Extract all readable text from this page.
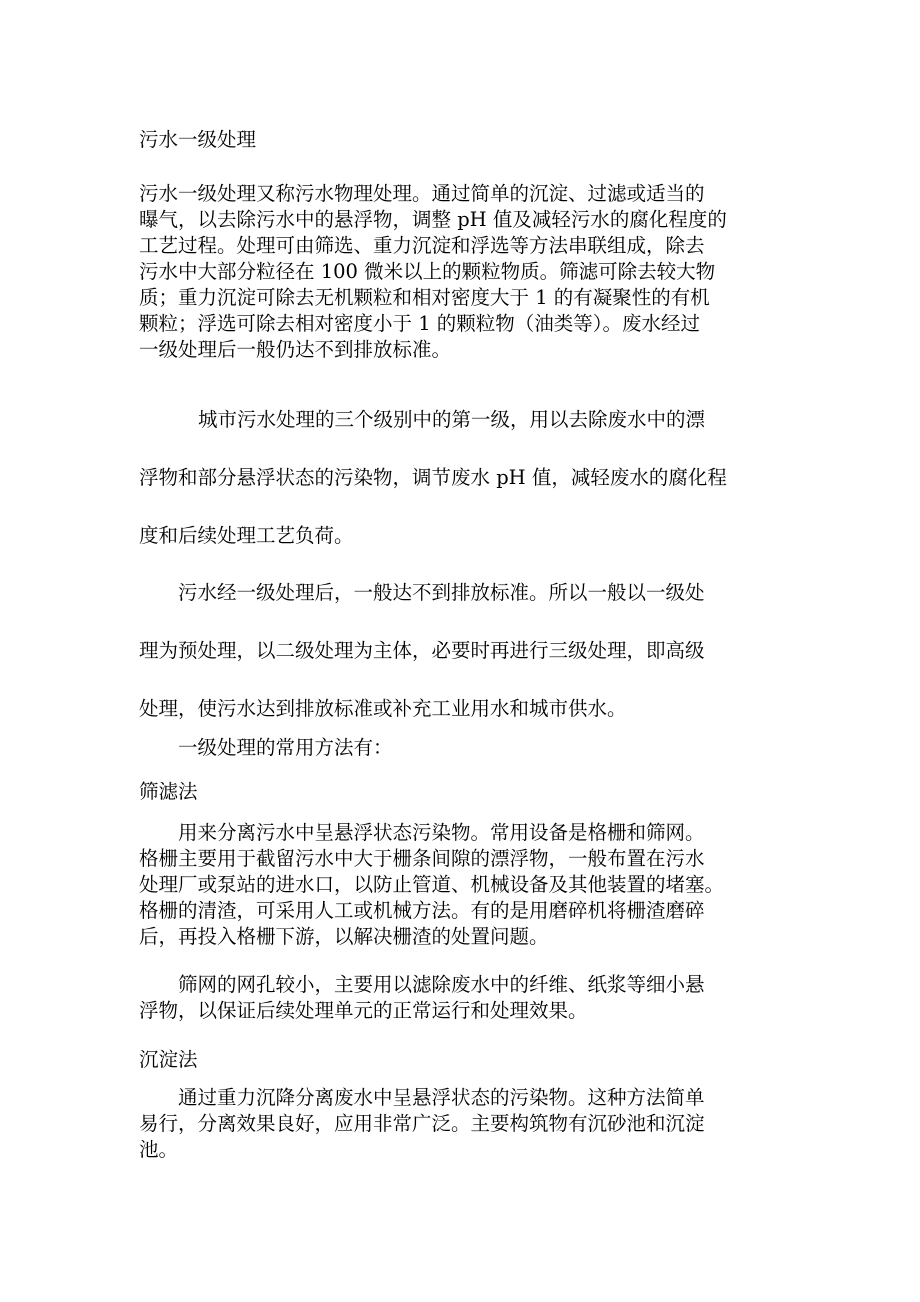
污水一级处理

污水一级处理又称污水物理处理。通过简单的沉淀、过滤或适当的
曝气，以去除污水中的悬浮物，调整 pH 值及减轻污水的腐化程度的
工艺过程。处理可由筛选、重力沉淀和浮选等方法串联组成，除去
污水中大部分粒径在 100 微米以上的颗粒物质。筛滤可除去较大物
质；重力沉淀可除去无机颗粒和相对密度大于 1 的有凝聚性的有机
颗粒；浮选可除去相对密度小于 1 的颗粒物（油类等）。废水经过
一级处理后一般仍达不到排放标准。
城市污水处理的三个级别中的第一级，用以去除废水中的漂
浮物和部分悬浮状态的污染物，调节废水 pH 值，减轻废水的腐化程
度和后续处理工艺负荷。
污水经一级处理后，一般达不到排放标准。所以一般以一级处
理为预处理，以二级处理为主体，必要时再进行三级处理，即高级
处理，使污水达到排放标准或补充工业用水和城市供水。

一级处理的常用方法有：

筛滤法

用来分离污水中呈悬浮状态污染物。常用设备是格栅和筛网。
格栅主要用于截留污水中大于栅条间隙的漂浮物，一般布置在污水
处理厂或泵站的进水口，以防止管道、机械设备及其他装置的堵塞。
格栅的清渣，可采用人工或机械方法。有的是用磨碎机将栅渣磨碎
后，再投入格栅下游，以解决栅渣的处置问题。
筛网的网孔较小，主要用以滤除废水中的纤维、纸浆等细小悬
浮物，以保证后续处理单元的正常运行和处理效果。

沉淀法

通过重力沉降分离废水中呈悬浮状态的污染物。这种方法简单
易行，分离效果良好，应用非常广泛。主要构筑物有沉砂池和沉淀
池。
